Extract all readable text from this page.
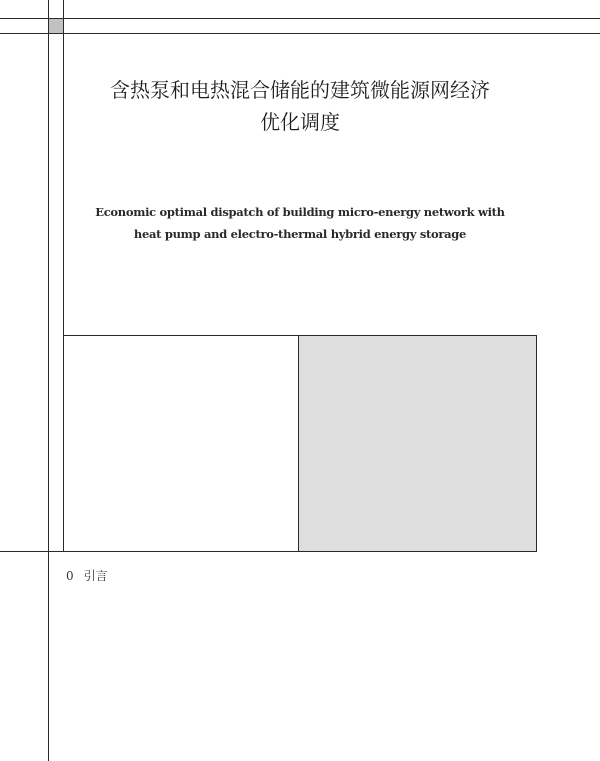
含热泵和电热混合储能的建筑微能源网经济
优化调度
Economic optimal dispatch of building micro-energy network with
heat pump and electro-thermal hybrid energy storage
0 引言
